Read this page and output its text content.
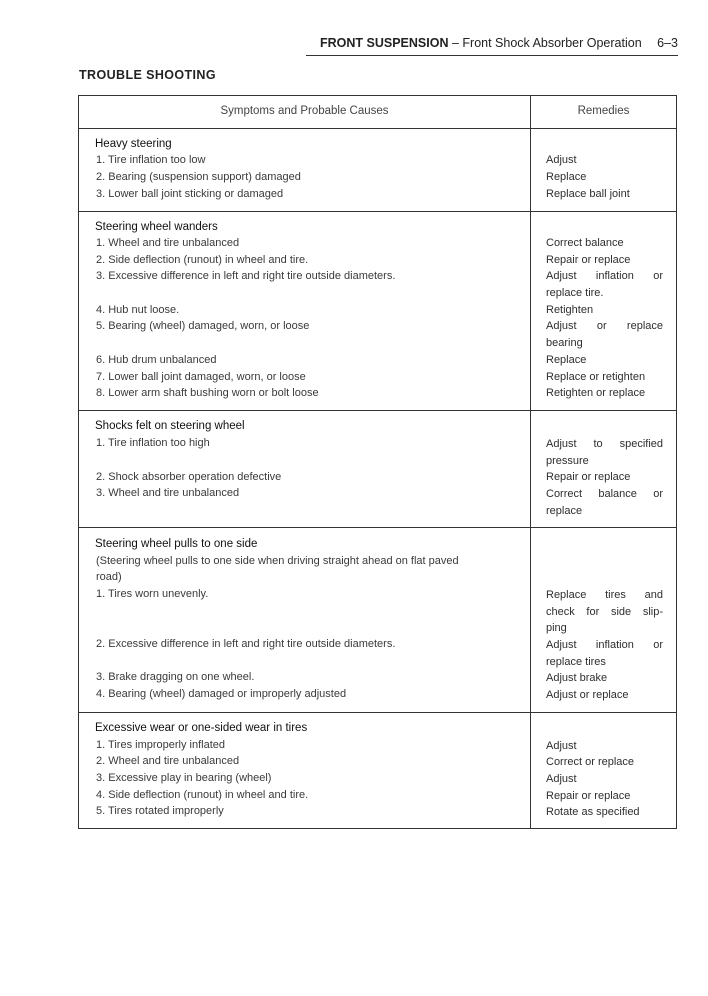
FRONT SUSPENSION – Front Shock Absorber Operation 6–3
TROUBLE SHOOTING
Symptoms and Probable Causes	Remedies
Heavy steering
1. Tire inflation too low
2. Bearing (suspension support) damaged
3. Lower ball joint sticking or damaged
Adjust
Replace
Replace ball joint
Steering wheel wanders
1. Wheel and tire unbalanced
2. Side deflection (runout) in wheel and tire.
3. Excessive difference in left and right tire outside diameters.
4. Hub nut loose.
5. Bearing (wheel) damaged, worn, or loose
6. Hub drum unbalanced
7. Lower ball joint damaged, worn, or loose
8. Lower arm shaft bushing worn or bolt loose
Correct balance
Repair or replace
Adjust inflation or
replace tire.
Retighten
Adjust or replace
bearing
Replace
Replace or retighten
Retighten or replace
Shocks felt on steering wheel
1. Tire inflation too high
2. Shock absorber operation defective
3. Wheel and tire unbalanced
Adjust to specified
pressure
Repair or replace
Correct balance or
replace
Steering wheel pulls to one side
(Steering wheel pulls to one side when driving straight ahead on flat paved
road)
1. Tires worn unevenly.
2. Excessive difference in left and right tire outside diameters.
3. Brake dragging on one wheel.
4. Bearing (wheel) damaged or improperly adjusted
Replace tires and
check for side slip-
ping
Adjust inflation or
replace tires
Adjust brake
Adjust or replace
Excessive wear or one-sided wear in tires
1. Tires improperly inflated
2. Wheel and tire unbalanced
3. Excessive play in bearing (wheel)
4. Side deflection (runout) in wheel and tire.
5. Tires rotated improperly
Adjust
Correct or replace
Adjust
Repair or replace
Rotate as specified
